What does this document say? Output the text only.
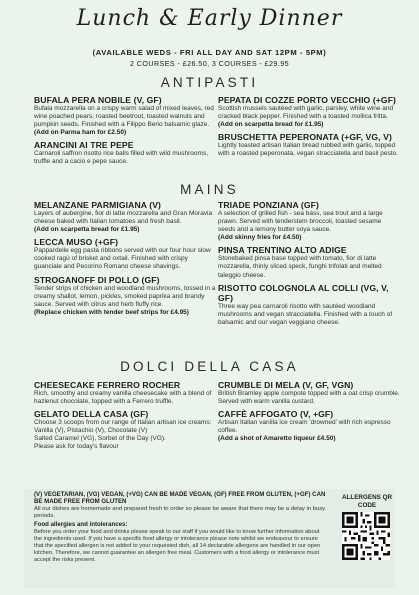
Lunch & Early Dinner
(AVAILABLE WEDS - FRI ALL DAY AND SAT 12PM - 5PM)
2 COURSES - £26.50, 3 COURSES - £29.95
ANTIPASTI
BUFALA PERA NOBILE (V, GF)
Bufala mozzarella on a crispy warm salad of mixed leaves, red wine poached pears, roasted beetroot, toasted walnuts and pumpkin seeds. Finished with a Filippo Berio balsamic glaze.
(Add on Parma ham for £2.50)
ARANCINI AI TRE PEPE
Carnaroli saffron risotto rice balls filled with wild mushrooms, truffle and a cacio e pepe sauce.
PEPATA DI COZZE PORTO VECCHIO (+GF)
Scottish mussels sautéed with garlic, parsley, white wine and cracked black pepper. Finished with a toasted mollica fritta.
(Add on scarpetta bread for £1.95)
BRUSCHETTA PEPERONATA (+GF, VG, V)
Lightly toasted artisan Italian bread rubbed with garlic, topped with a roasted peperonata, vegan stracciatella and basil pesto.
MAINS
MELANZANE PARMIGIANA (V)
Layers of aubergine, fior di latte mozzarella and Gran Moravia cheese baked with Italian tomatoes and fresh basil.
(Add on scarpetta bread for £1.95)
LECCA MUSO (+GF)
Pappardelle egg pasta ribbons served with our four hour slow cooked ragù of brisket and oxtail. Finished with crispy guanciale and Pecorino Romano cheese shavings.
STROGANOFF DI POLLO (GF)
Tender strips of chicken and woodland mushrooms, tossed in a creamy shallot, lemon, pickles, smoked paprika and brandy sauce. Served with citrus and herb fluffy rice.
(Replace chicken with tender beef strips for £4.95)
TRIADE PONZIANA (GF)
A selection of grilled fish - sea bass, sea trout and a large prawn. Served with tenderstem broccoli, toasted sesame seeds and a lemony butter soya sauce.
(Add skinny fries for £4.50)
PINSA TRENTINO ALTO ADIGE
Stonebaked pinsa base topped with tomato, fior di latte mozzarella, thinly sliced speck, funghi trifolati and melted taleggio cheese.
RISOTTO COLOGNOLA AL COLLI (VG, V, GF)
Three way pea carnaroli risotto with sautéed woodland mushrooms and vegan stracciatella. Finished with a touch of balsamic and our vegan veggiano cheese.
DOLCI DELLA CASA
CHEESECAKE FERRERO ROCHER
Rich, smoothy and creamy vanilla cheesecake with a blend of hazlenut chocolate, topped with a Ferrero truffle.
GELATO DELLA CASA (GF)
Choose 3 scoops from our range of Italian artisan ice creams:
Vanilla (V), Pistachio (V), Chocolate (V)
Salted Caramel (VG), Sorbet of the Day (VG).
Please ask for today's flavour
CRUMBLE DI MELA (V, GF, VGN)
British Bramley apple compote topped with a oat crisp crumble. Served with warm vanilla custard.
CAFFÈ AFFOGATO (V, +GF)
Artisan Italian vanilla ice cream 'drowned' with rich espresso coffee.
(Add a shot of Amaretto liqueur £4.50)
(V) VEGETARIAN, (VG) VEGAN, (+VG) CAN BE MADE VEGAN, (GF) FREE FROM GLUTEN, (+GF) CAN BE MADE FREE FROM GLUTEN
All our dishes are homemade and prepared fresh to order so please be aware that there may be a delay in busy periods.
Food allergies and intolerances:
Before you order your food and drinks please speak to our staff if you would like to know further information about the ingredients used. If you have a specific food allergy or intolerance please note whilst we endeavour to ensure that the specified allergen is not added to your requested dish, all 14 declarable allergens are handled in our open kitchen. Therefore, we cannot guarantee an allergen free meal. Customers with a food allergy or intolerance must accept the risks present.
ALLERGENS QR CODE
